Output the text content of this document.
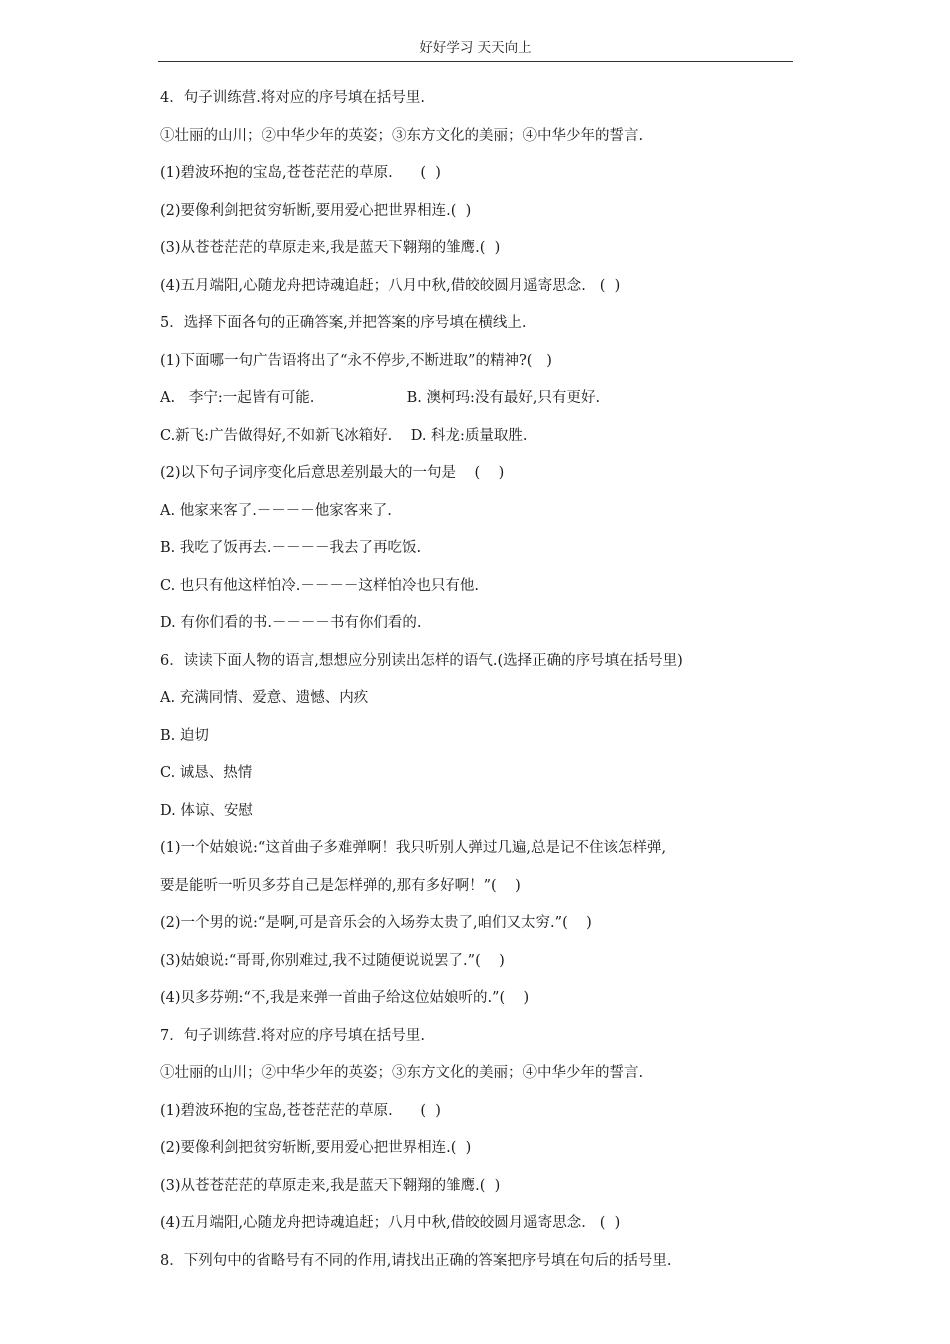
好好学习 天天向上
4．句子训练营.将对应的序号填在括号里.
①壮丽的山川；②中华少年的英姿；③东方文化的美丽；④中华少年的誓言.
(1)碧波环抱的宝岛,苍苍茫茫的草原.      (  )
(2)要像利剑把贫穷斩断,要用爱心把世界相连.(  )
(3)从苍苍茫茫的草原走来,我是蓝天下翱翔的雏鹰.(  )
(4)五月端阳,心随龙舟把诗魂追赶；八月中秋,借皎皎圆月遥寄思念.   (  )
5．选择下面各句的正确答案,并把答案的序号填在横线上.
(1)下面哪一句广告语将出了“永不停步,不断进取”的精神?(   )
A.   李宁:一起皆有可能.                    B. 澳柯玛:没有最好,只有更好.
C.新飞:广告做得好,不如新飞冰箱好.    D. 科龙:质量取胜.
(2)以下句子词序变化后意思差别最大的一句是    (    )
A. 他家来客了.－－－－他家客来了.
B. 我吃了饭再去.－－－－我去了再吃饭.
C. 也只有他这样怕冷.－－－－这样怕冷也只有他.
D. 有你们看的书.－－－－书有你们看的.
6．读读下面人物的语言,想想应分别读出怎样的语气.(选择正确的序号填在括号里)
A. 充满同情、爱意、遗憾、内疚
B. 迫切
C. 诚恳、热情
D. 体谅、安慰
(1)一个姑娘说:“这首曲子多难弹啊！我只听别人弹过几遍,总是记不住该怎样弹,
要是能听一听贝多芬自己是怎样弹的,那有多好啊！”(    )
(2)一个男的说:“是啊,可是音乐会的入场券太贵了,咱们又太穷.”(    )
(3)姑娘说:“哥哥,你别难过,我不过随便说说罢了.”(    )
(4)贝多芬朔:“不,我是来弹一首曲子给这位姑娘听的.”(    )
7．句子训练营.将对应的序号填在括号里.
①壮丽的山川；②中华少年的英姿；③东方文化的美丽；④中华少年的誓言.
(1)碧波环抱的宝岛,苍苍茫茫的草原.      (  )
(2)要像利剑把贫穷斩断,要用爱心把世界相连.(  )
(3)从苍苍茫茫的草原走来,我是蓝天下翱翔的雏鹰.(  )
(4)五月端阳,心随龙舟把诗魂追赶；八月中秋,借皎皎圆月遥寄思念.   (  )
8．下列句中的省略号有不同的作用,请找出正确的答案把序号填在句后的括号里.
